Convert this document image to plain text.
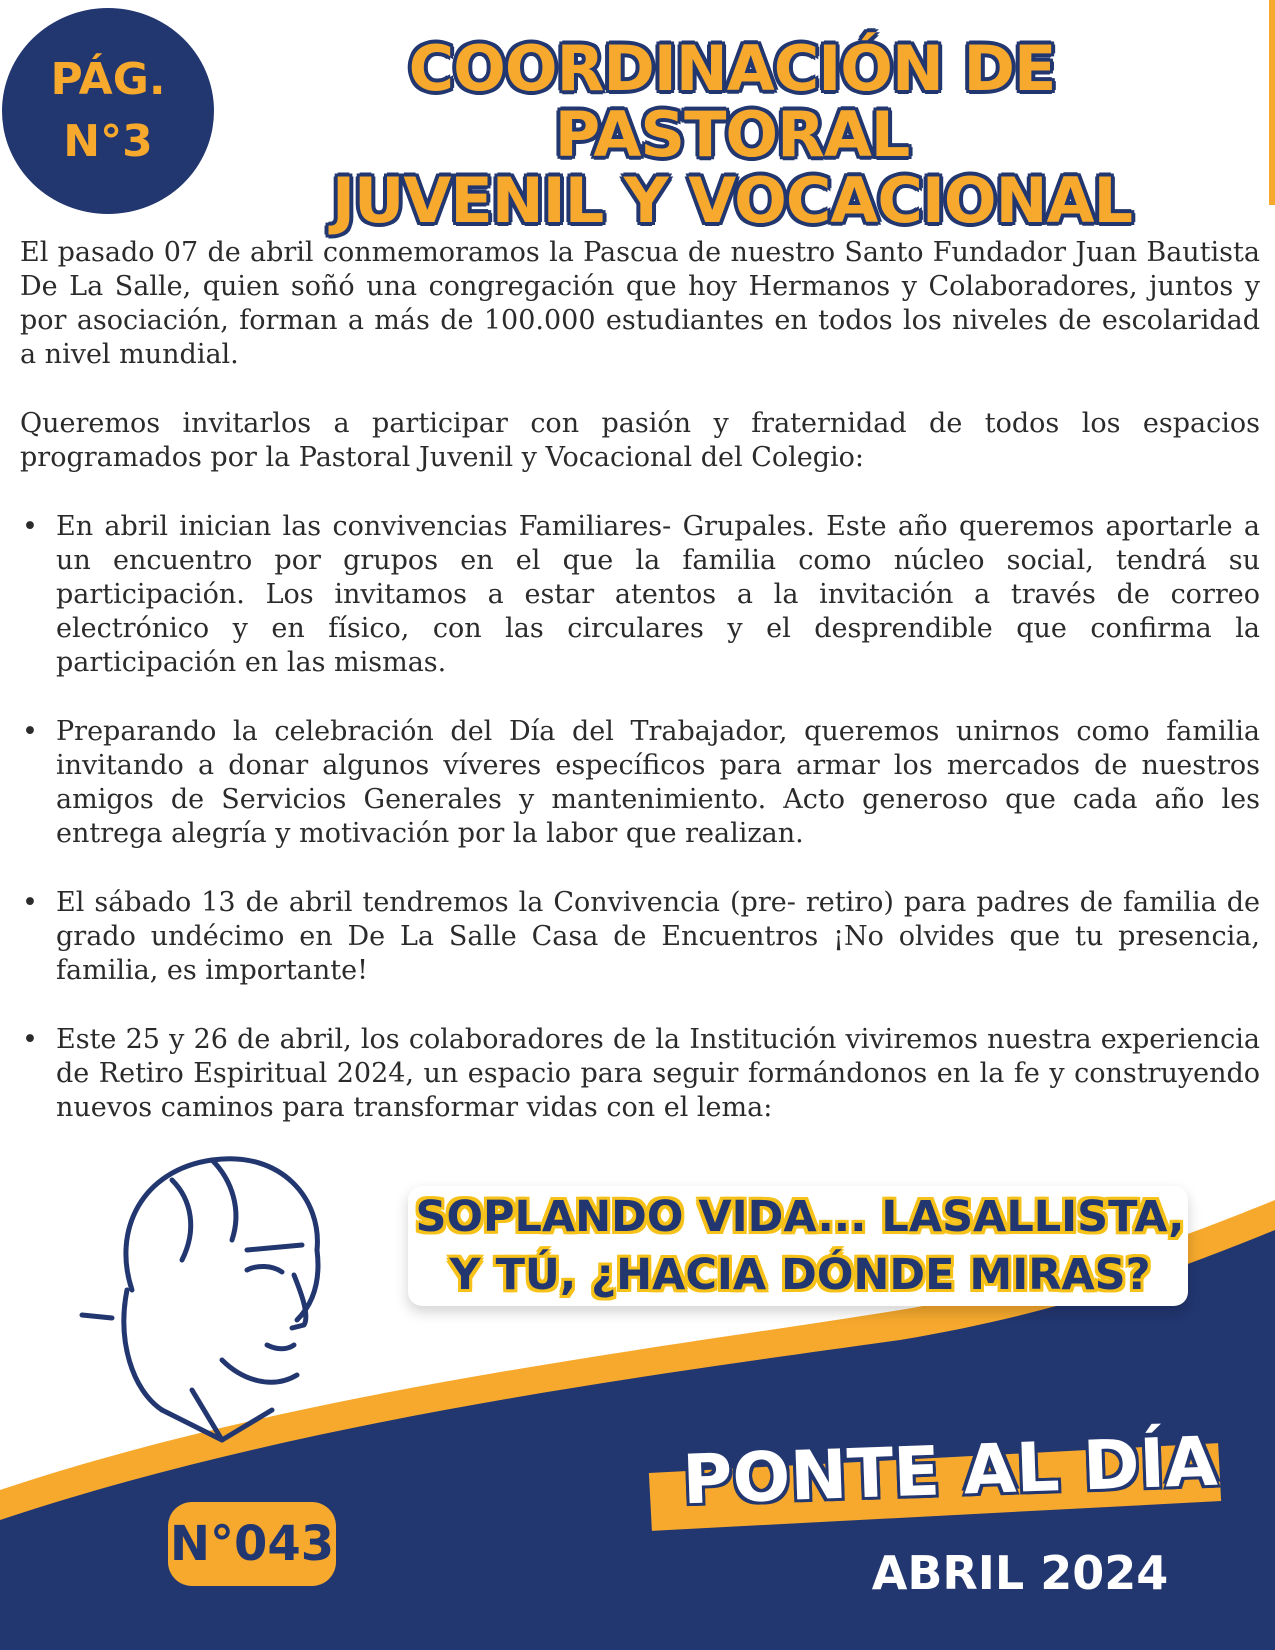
PÁG.
N°3
COORDINACIÓN DE PASTORAL
JUVENIL Y VOCACIONAL

El pasado 07 de abril conmemoramos la Pascua de nuestro Santo Fundador Juan Bautista De La Salle, quien soñó una congregación que hoy Hermanos y Colaboradores, juntos y por asociación, forman a más de 100.000 estudiantes en todos los niveles de escolaridad a nivel mundial.

Queremos invitarlos a participar con pasión y fraternidad de todos los espacios programados por la Pastoral Juvenil y Vocacional del Colegio:

• En abril inician las convivencias Familiares- Grupales. Este año queremos aportarle a un encuentro por grupos en el que la familia como núcleo social, tendrá su participación. Los invitamos a estar atentos a la invitación a través de correo electrónico y en físico, con las circulares y el desprendible que confirma la participación en las mismas.
• Preparando la celebración del Día del Trabajador, queremos unirnos como familia invitando a donar algunos víveres específicos para armar los mercados de nuestros amigos de Servicios Generales y mantenimiento. Acto generoso que cada año les entrega alegría y motivación por la labor que realizan.
• El sábado 13 de abril tendremos la Convivencia (pre- retiro) para padres de familia de grado undécimo en De La Salle Casa de Encuentros ¡No olvides que tu presencia, familia, es importante!
• Este 25 y 26 de abril, los colaboradores de la Institución viviremos nuestra experiencia de Retiro Espiritual 2024, un espacio para seguir formándonos en la fe y construyendo nuevos caminos para transformar vidas con el lema:
SOPLANDO VIDA... LASALLISTA,
Y TÚ, ¿HACIA DÓNDE MIRAS?
PONTE AL DÍA
ABRIL 2024
N°043
